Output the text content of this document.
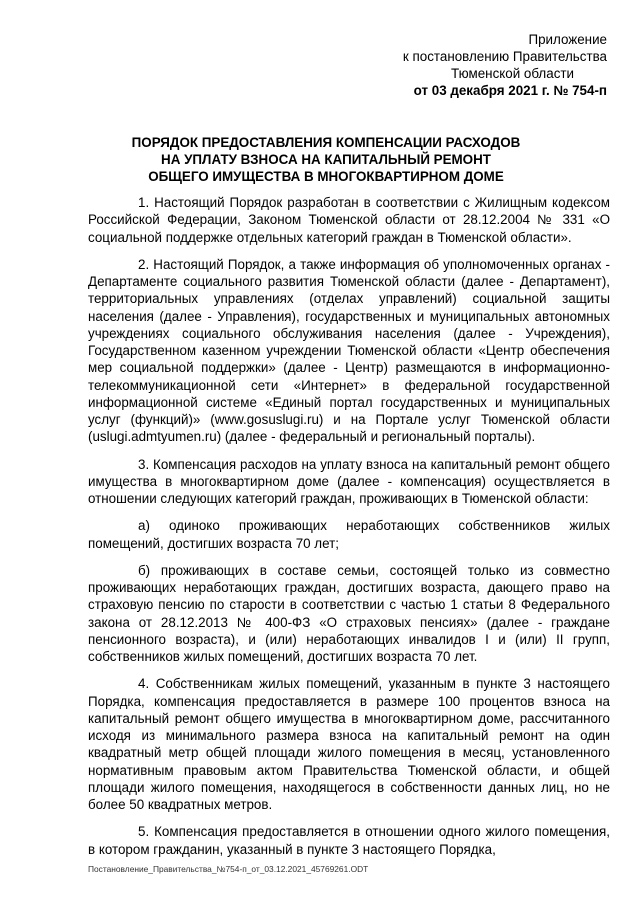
Приложение
к постановлению Правительства
Тюменской области
от 03 декабря 2021 г. № 754-п
ПОРЯДОК ПРЕДОСТАВЛЕНИЯ КОМПЕНСАЦИИ РАСХОДОВ
НА УПЛАТУ ВЗНОСА НА КАПИТАЛЬНЫЙ РЕМОНТ
ОБЩЕГО ИМУЩЕСТВА В МНОГОКВАРТИРНОМ ДОМЕ

1. Настоящий Порядок разработан в соответствии с Жилищным кодексом Российской Федерации, Законом Тюменской области от 28.12.2004 № 331 «О социальной поддержке отдельных категорий граждан в Тюменской области».

2. Настоящий Порядок, а также информация об уполномоченных органах - Департаменте социального развития Тюменской области (далее - Департамент), территориальных управлениях (отделах управлений) социальной защиты населения (далее - Управления), государственных и муниципальных автономных учреждениях социального обслуживания населения (далее - Учреждения), Государственном казенном учреждении Тюменской области «Центр обеспечения мер социальной поддержки» (далее - Центр) размещаются в информационно-телекоммуникационной сети «Интернет» в федеральной государственной информационной системе «Единый портал государственных и муниципальных услуг (функций)» (www.gosuslugi.ru) и на Портале услуг Тюменской области (uslugi.admtyumen.ru) (далее - федеральный и региональный порталы).

3. Компенсация расходов на уплату взноса на капитальный ремонт общего имущества в многоквартирном доме (далее - компенсация) осуществляется в отношении следующих категорий граждан, проживающих в Тюменской области:

а) одиноко проживающих неработающих собственников жилых помещений, достигших возраста 70 лет;

б) проживающих в составе семьи, состоящей только из совместно проживающих неработающих граждан, достигших возраста, дающего право на страховую пенсию по старости в соответствии с частью 1 статьи 8 Федерального закона от 28.12.2013 № 400-ФЗ «О страховых пенсиях» (далее - граждане пенсионного возраста), и (или) неработающих инвалидов I и (или) II групп, собственников жилых помещений, достигших возраста 70 лет.

4. Собственникам жилых помещений, указанным в пункте 3 настоящего Порядка, компенсация предоставляется в размере 100 процентов взноса на капитальный ремонт общего имущества в многоквартирном доме, рассчитанного исходя из минимального размера взноса на капитальный ремонт на один квадратный метр общей площади жилого помещения в месяц, установленного нормативным правовым актом Правительства Тюменской области, и общей площади жилого помещения, находящегося в собственности данных лиц, но не более 50 квадратных метров.

5. Компенсация предоставляется в отношении одного жилого помещения, в котором гражданин, указанный в пункте 3 настоящего Порядка,

Постановление_Правительства_№754-п_от_03.12.2021_45769261.ODT
